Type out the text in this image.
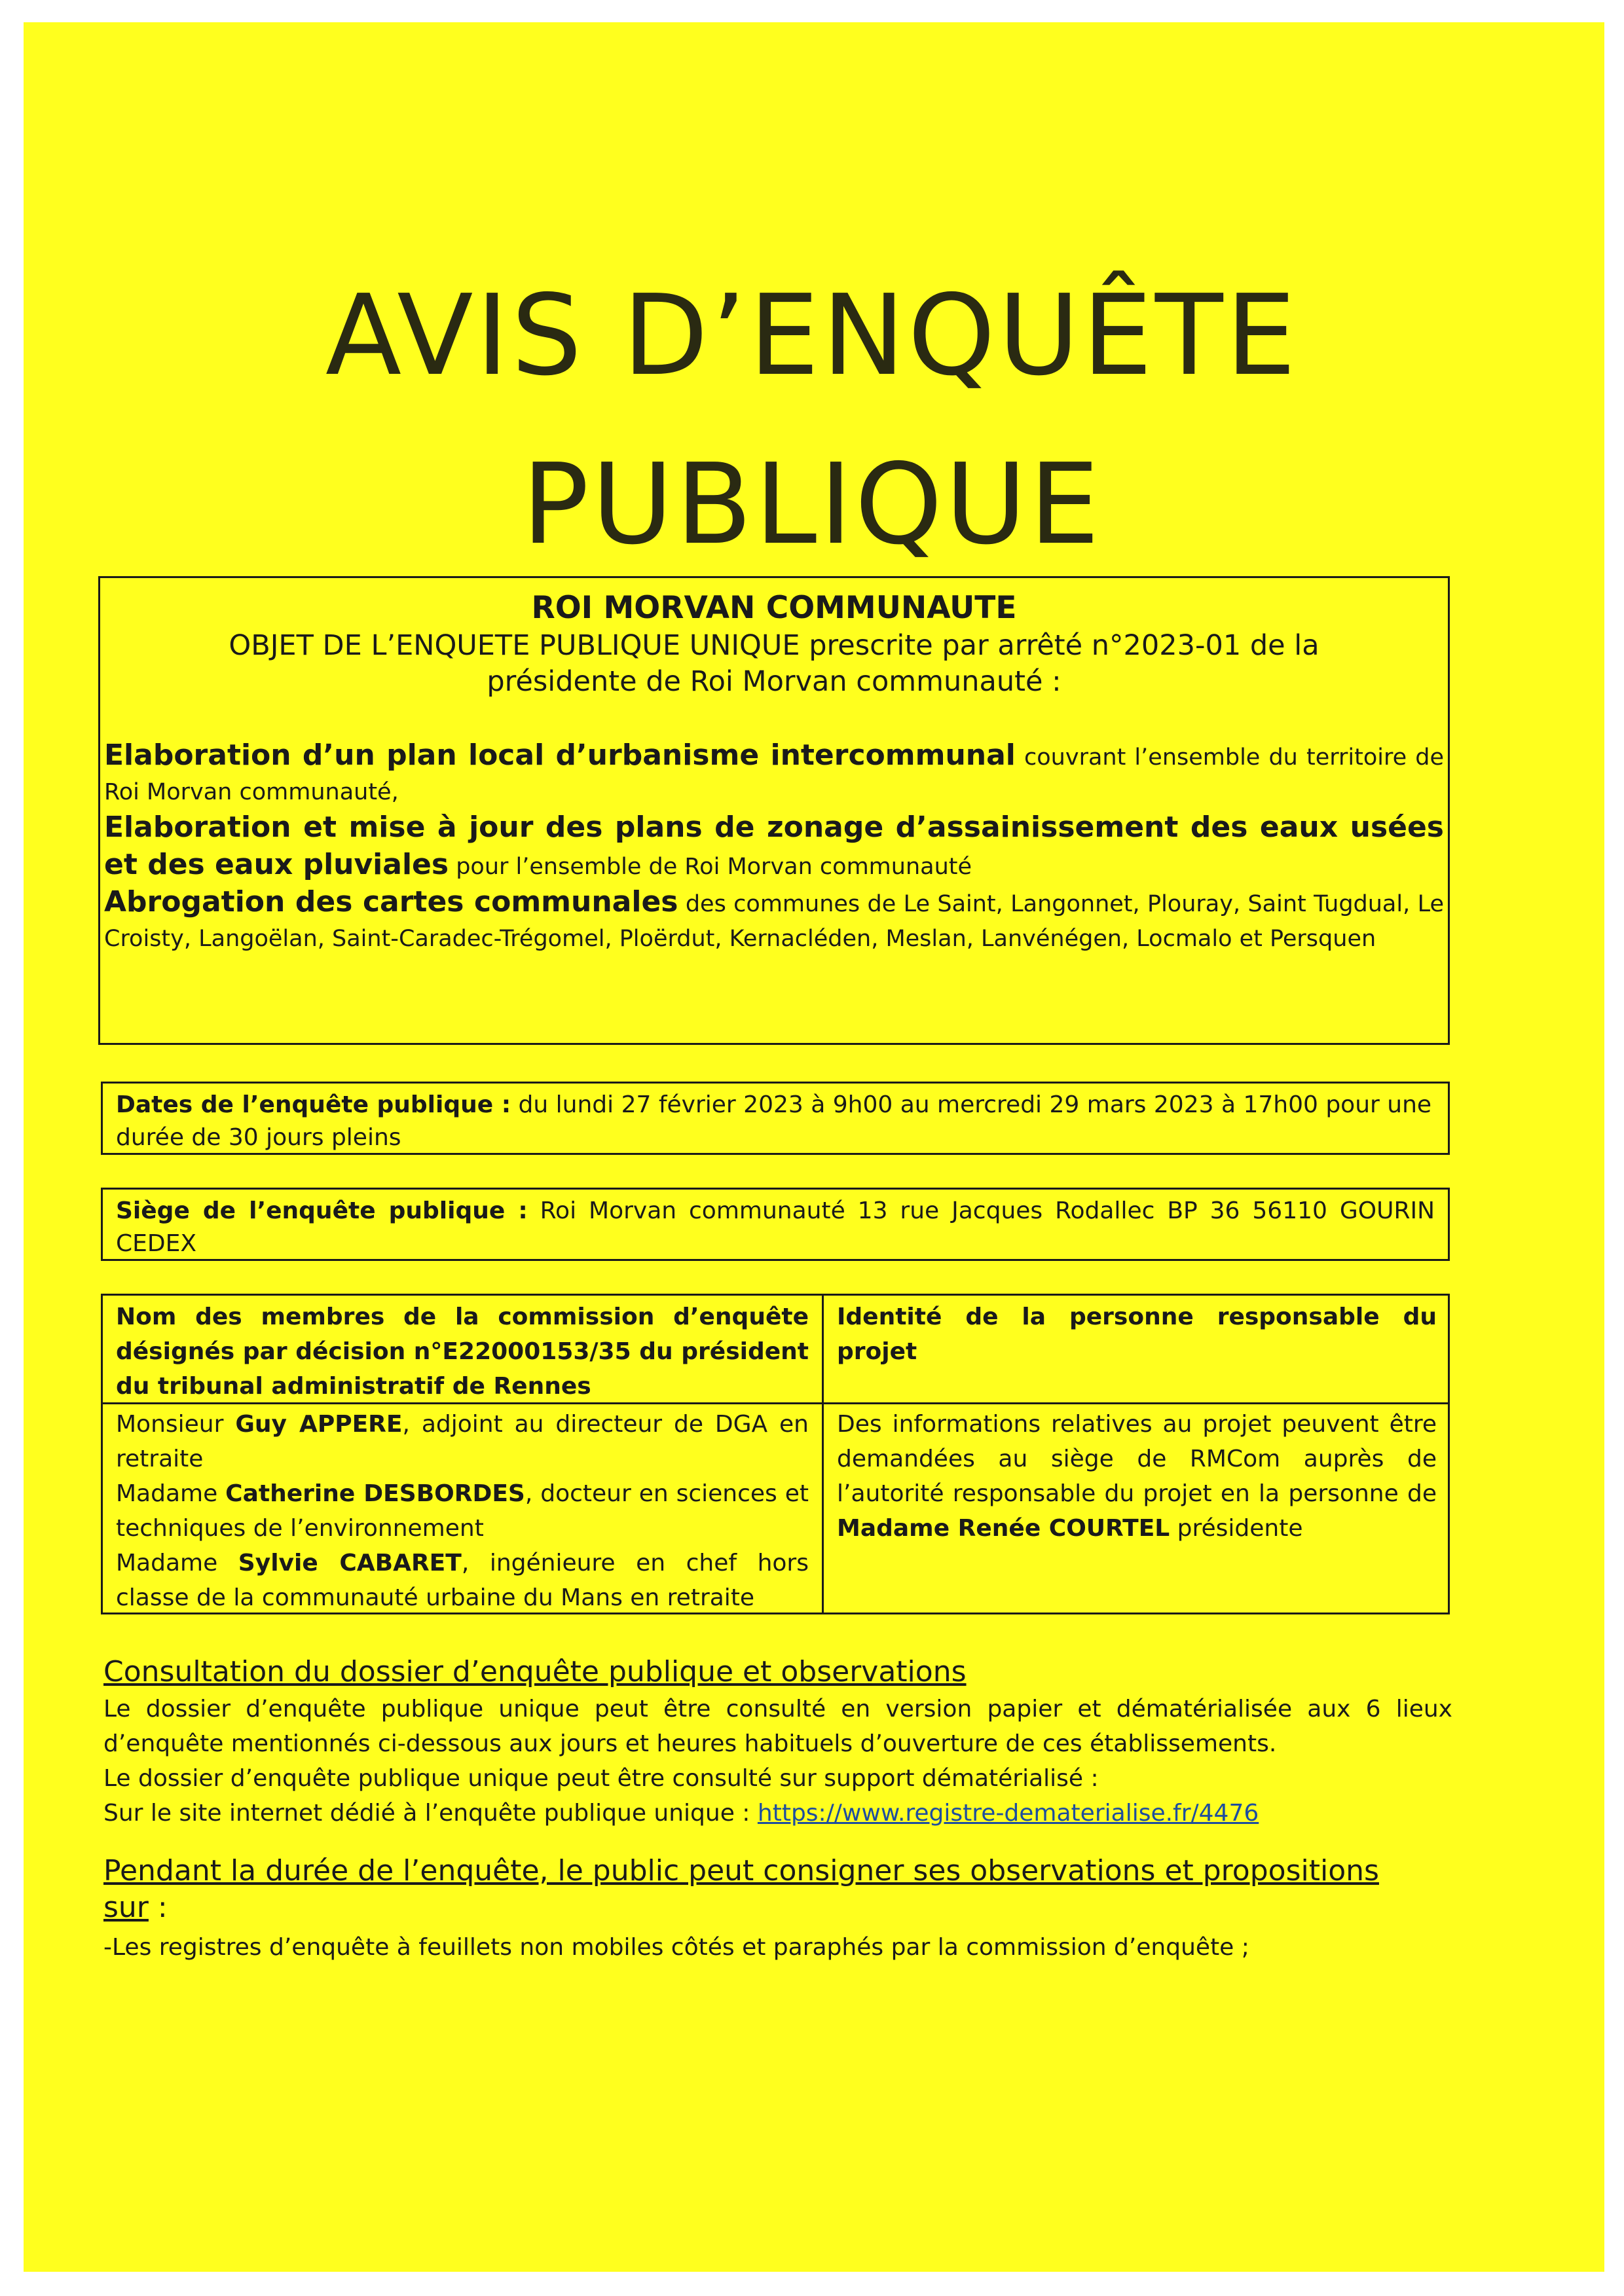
AVIS D’ENQUÊTE
PUBLIQUE
ROI MORVAN COMMUNAUTE
OBJET DE L’ENQUETE PUBLIQUE UNIQUE prescrite par arrêté n°2023-01 de la
présidente de Roi Morvan communauté :
Elaboration d’un plan local d’urbanisme intercommunal couvrant l’ensemble du territoire de Roi Morvan communauté,
Elaboration et mise à jour des plans de zonage d’assainissement des eaux usées et des eaux pluviales pour l’ensemble de Roi Morvan communauté
Abrogation des cartes communales des communes de Le Saint, Langonnet, Plouray, Saint Tugdual, Le Croisty, Langoëlan, Saint-Caradec-Trégomel, Ploërdut, Kernacléden, Meslan, Lanvénégen, Locmalo et Persquen
Dates de l’enquête publique : du lundi 27 février 2023 à 9h00 au mercredi 29 mars 2023 à 17h00 pour une durée de 30 jours pleins
Siège de l’enquête publique : Roi Morvan communauté 13 rue Jacques Rodallec BP 36 56110 GOURIN CEDEX
Nom des membres de la commission d’enquête désignés par décision n°E22000153/35 du président du tribunal administratif de Rennes
Identité de la personne responsable du projet
Monsieur Guy APPERE, adjoint au directeur de DGA en retraite
Madame Catherine DESBORDES, docteur en sciences et techniques de l’environnement
Madame Sylvie CABARET, ingénieure en chef hors classe de la communauté urbaine du Mans en retraite
Des informations relatives au projet peuvent être demandées au siège de RMCom auprès de l’autorité responsable du projet en la personne de Madame Renée COURTEL présidente
Consultation du dossier d’enquête publique et observations
Le dossier d’enquête publique unique peut être consulté en version papier et dématérialisée aux 6 lieux d’enquête mentionnés ci-dessous aux jours et heures habituels d’ouverture de ces établissements.
Le dossier d’enquête publique unique peut être consulté sur support dématérialisé :
Sur le site internet dédié à l’enquête publique unique : https://www.registre-dematerialise.fr/4476
Pendant la durée de l’enquête, le public peut consigner ses observations et propositions sur :
-Les registres d’enquête à feuillets non mobiles côtés et paraphés par la commission d’enquête ;
